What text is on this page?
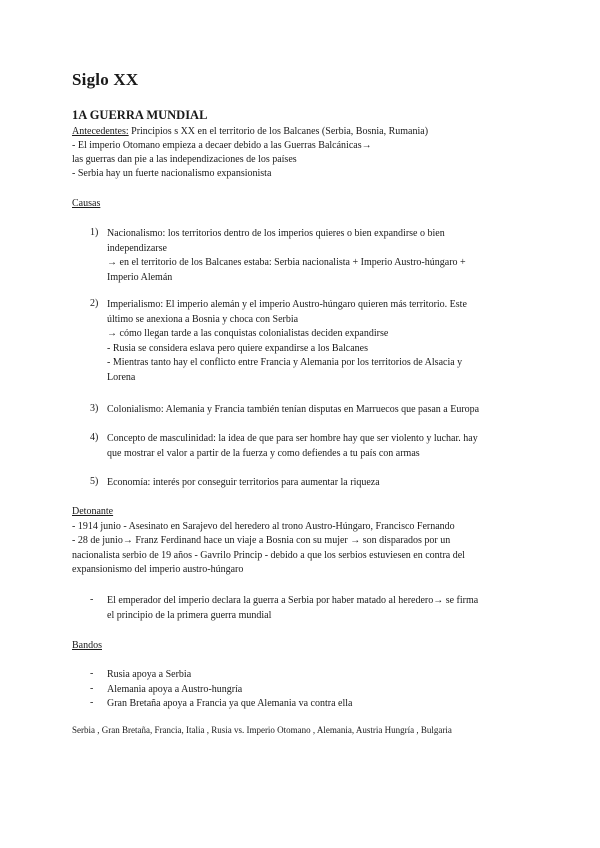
Siglo XX
1A GUERRA MUNDIAL
Antecedentes: Principios s XX en el territorio de los Balcanes (Serbia, Bosnia, Rumania)
- El imperio Otomano empieza a decaer debido a las Guerras Balcánicas→
las guerras dan pie a las independizaciones de los países
- Serbia hay un fuerte nacionalismo expansionista
Causas
1) Nacionalismo: los territorios dentro de los imperios quieres o bien expandirse o bien
independizarse
→ en el territorio de los Balcanes estaba: Serbia nacionalista + Imperio Austro-húngaro +
Imperio Alemán
2) Imperialismo: El imperio alemán y el imperio Austro-húngaro quieren más territorio. Este
último se anexiona a Bosnia y choca con Serbia
→ cómo llegan tarde a las conquistas colonialistas deciden expandirse
- Rusia se considera eslava pero quiere expandirse a los Balcanes
- Mientras tanto hay el conflicto entre Francia y Alemania por los territorios de Alsacia y
Lorena
3) Colonialismo: Alemania y Francia también tenían disputas en Marruecos que pasan a Europa
4) Concepto de masculinidad: la idea de que para ser hombre hay que ser violento y luchar. hay
que mostrar el valor a partir de la fuerza y como defiendes a tu país con armas
5) Economía: interés por conseguir territorios para aumentar la riqueza
Detonante
- 1914 junio - Asesinato en Sarajevo del heredero al trono Austro-Húngaro, Francisco Fernando
- 28 de junio→ Franz Ferdinand hace un viaje a Bosnia con su mujer → son disparados por un
nacionalista serbio de 19 años - Gavrilo Princip - debido a que los serbios estuviesen en contra del
expansionismo del imperio austro-húngaro
- El emperador del imperio declara la guerra a Serbia por haber matado al heredero→ se firma
el principio de la primera guerra mundial
Bandos
- Rusia apoya a Serbia
- Alemania apoya a Austro-hungría
- Gran Bretaña apoya a Francia ya que Alemania va contra ella
Serbia , Gran Bretaña, Francia, Italia , Rusia vs. Imperio Otomano , Alemania, Austria Hungría , Bulgaria
